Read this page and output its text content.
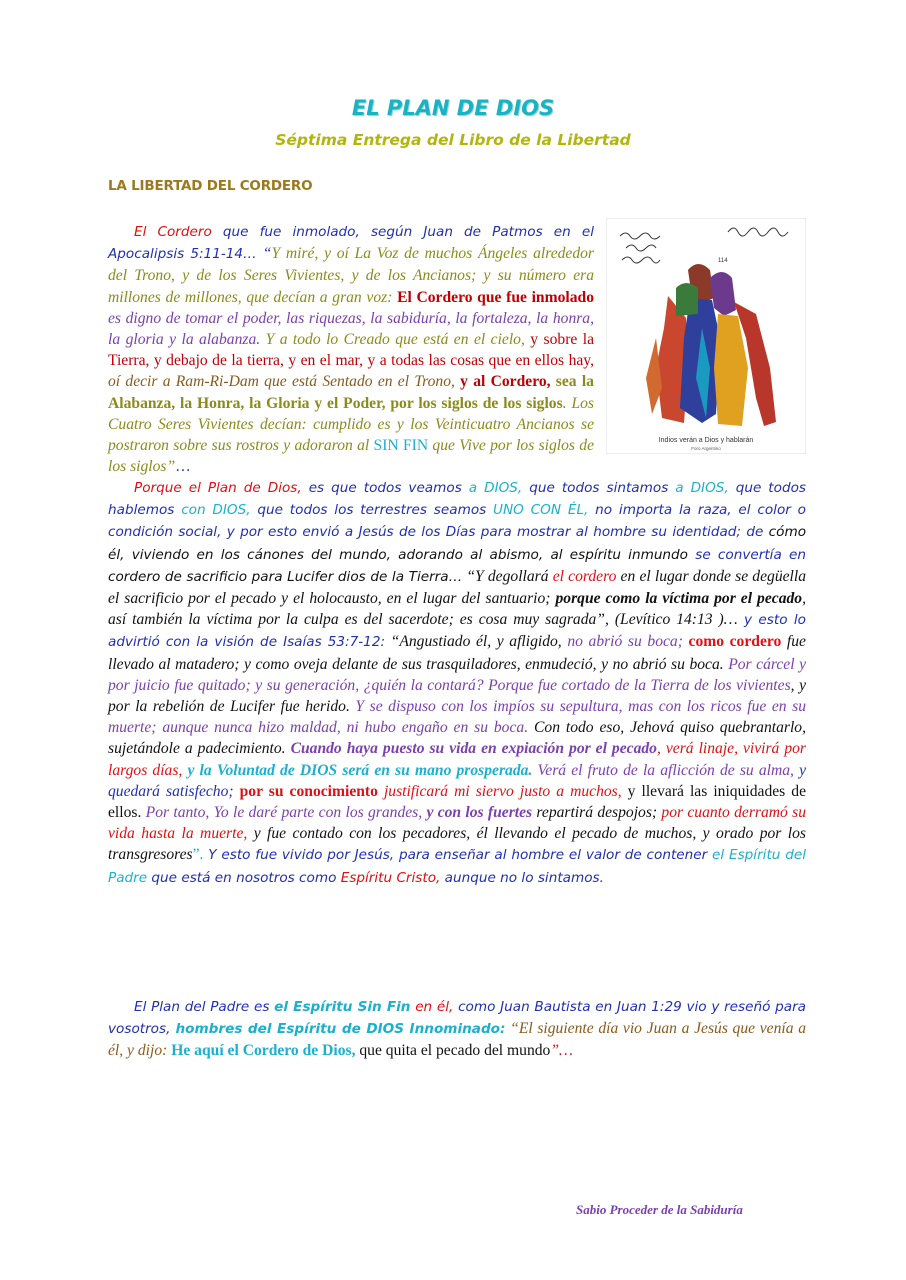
EL PLAN DE DIOS
Séptima Entrega del Libro de la Libertad
LA LIBERTAD DEL CORDERO
114
Indios verán a Dios y hablarán
Foro Argentino

El Cordero que fue inmolado, según Juan de Patmos en el Apocalipsis 5:11-14… “Y miré, y oí La Voz de muchos Ángeles alrededor del Trono, y de los Seres Vivientes, y de los Ancianos; y su número era millones de millones, que decían a gran voz: El Cordero que fue inmolado es digno de tomar el poder, las riquezas, la sabiduría, la fortaleza, la honra, la gloria y la alabanza. Y a todo lo Creado que está en el cielo, y sobre la Tierra, y debajo de la tierra, y en el mar, y a todas las cosas que en ellos hay, oí decir a Ram-Ri-Dam que está Sentado en el Trono, y al Cordero, sea la Alabanza, la Honra, la Gloria y el Poder, por los siglos de los siglos. Los Cuatro Seres Vivientes decían: cumplido es y los Veinticuatro Ancianos se postraron sobre sus rostros y adoraron al SIN FIN que Vive por los siglos de los siglos”…

Porque el Plan de Dios, es que todos veamos a DIOS, que todos sintamos a DIOS, que todos hablemos con DIOS, que todos los terrestres seamos UNO CON ÉL, no importa la raza, el color o condición social, y por esto envió a Jesús de los Días para mostrar al hombre su identidad; de cómo él, viviendo en los cánones del mundo, adorando al abismo, al espíritu inmundo se convertía en cordero de sacrificio para Lucifer dios de la Tierra… “Y degollará el cordero en el lugar donde se degüella el sacrificio por el pecado y el holocausto, en el lugar del santuario; porque como la víctima por el pecado, así también la víctima por la culpa es del sacerdote; es cosa muy sagrada”, (Levítico 14:13 )… y esto lo advirtió con la visión de Isaías 53:7-12: “Angustiado él, y afligido, no abrió su boca; como cordero fue llevado al matadero; y como oveja delante de sus trasquiladores, enmudeció, y no abrió su boca. Por cárcel y por juicio fue quitado; y su generación, ¿quién la contará? Porque fue cortado de la Tierra de los vivientes, y por la rebelión de Lucifer fue herido. Y se dispuso con los impíos su sepultura, mas con los ricos fue en su muerte; aunque nunca hizo maldad, ni hubo engaño en su boca. Con todo eso, Jehová quiso quebrantarlo, sujetándole a padecimiento. Cuando haya puesto su vida en expiación por el pecado, verá linaje, vivirá por largos días, y la Voluntad de DIOS será en su mano prosperada. Verá el fruto de la aflicción de su alma, y quedará satisfecho; por su conocimiento justificará mi siervo justo a muchos, y llevará las iniquidades de ellos. Por tanto, Yo le daré parte con los grandes, y con los fuertes repartirá despojos; por cuanto derramó su vida hasta la muerte, y fue contado con los pecadores, él llevando el pecado de muchos, y orado por los transgresores”. Y esto fue vivido por Jesús, para enseñar al hombre el valor de contener el Espíritu del Padre que está en nosotros como Espíritu Cristo, aunque no lo sintamos.

El Plan del Padre es el Espíritu Sin Fin en él, como Juan Bautista en Juan 1:29 vio y reseñó para vosotros, hombres del Espíritu de DIOS Innominado: “El siguiente día vio Juan a Jesús que venía a él, y dijo: He aquí el Cordero de Dios, que quita el pecado del mundo”…

Sabio Proceder de la Sabiduría
